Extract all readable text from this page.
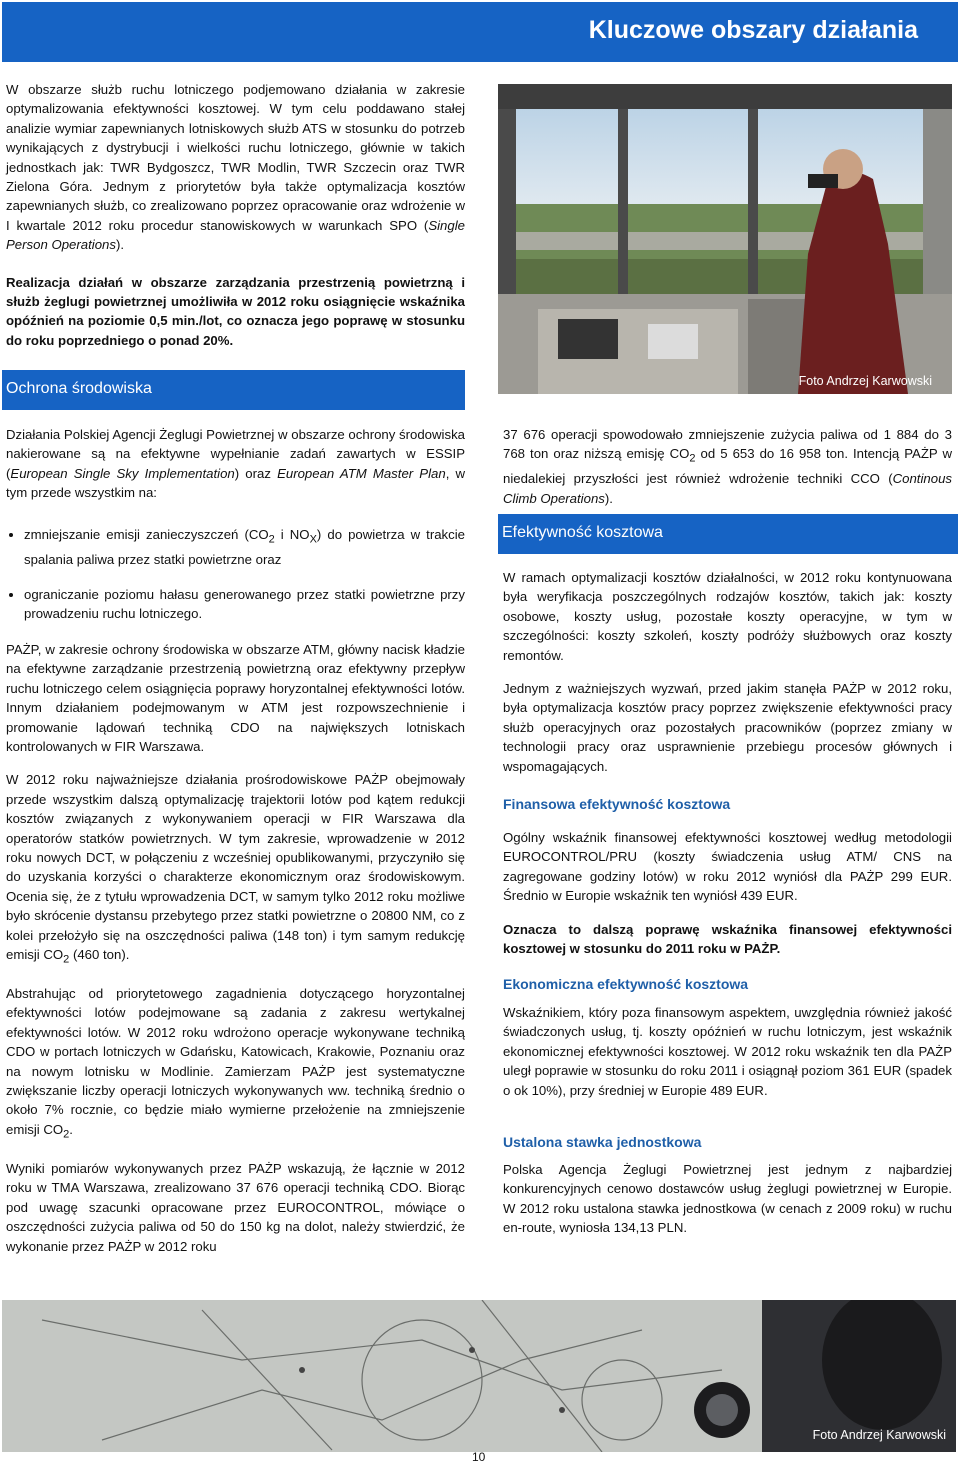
Kluczowe obszary działania

W obszarze służb ruchu lotniczego podjemowano działania w zakresie optymalizowania efektywności kosztowej. W tym celu poddawano stałej analizie wymiar zapewnianych lotniskowych służb ATS w stosunku do potrzeb wynikających z dystrybucji i wielkości ruchu lotniczego, głównie w takich jednostkach jak: TWR Bydgoszcz, TWR Modlin, TWR Szczecin oraz TWR Zielona Góra. Jednym z priorytetów była także optymalizacja kosztów zapewnianych służb, co zrealizowano poprzez opracowanie oraz wdrożenie w I kwartale 2012 roku procedur stanowiskowych w warunkach SPO (Single Person Operations).

Realizacja działań w obszarze zarządzania przestrzenią powietrzną i służb żeglugi powietrznej umożliwiła w 2012 roku osiągnięcie wskaźnika opóźnień na poziomie 0,5 min./lot, co oznacza jego poprawę w stosunku do roku poprzedniego o ponad 20%.

Ochrona środowiska

Działania Polskiej Agencji Żeglugi Powietrznej w obszarze ochrony środowiska nakierowane są na efektywne wypełnianie zadań zawartych w ESSIP (European Single Sky Implementation) oraz European ATM Master Plan, w tym przede wszystkim na:

• zmniejszanie emisji zanieczyszczeń ($CO_2$ i $NO_X$) do powietrza w trakcie spalania paliwa przez statki powietrzne oraz
• ograniczanie poziomu hałasu generowanego przez statki powietrzne przy prowadzeniu ruchu lotniczego.

PAŻP, w zakresie ochrony środowiska w obszarze ATM, główny nacisk kładzie na efektywne zarządzanie przestrzenią powietrzną oraz efektywny przepływ ruchu lotniczego celem osiągnięcia poprawy horyzontalnej efektywności lotów. Innym działaniem podejmowanym w ATM jest rozpowszechnienie i promowanie lądowań techniką CDO na największych lotniskach kontrolowanych w FIR Warszawa.

W 2012 roku najważniejsze działania prośrodowiskowe PAŻP obejmowały przede wszystkim dalszą optymalizację trajektorii lotów pod kątem redukcji kosztów związanych z wykonywaniem operacji w FIR Warszawa dla operatorów statków powietrznych. W tym zakresie, wprowadzenie w 2012 roku nowych DCT, w połączeniu z wcześniej opublikowanymi, przyczyniło się do uzyskania korzyści o charakterze ekonomicznym oraz środowiskowym. Ocenia się, że z tytułu wprowadzenia DCT, w samym tylko 2012 roku możliwe było skrócenie dystansu przebytego przez statki powietrzne o 20800 NM, co z kolei przełożyło się na oszczędności paliwa (148 ton) i tym samym redukcję emisji $CO_2$ (460 ton).

Abstrahując od priorytetowego zagadnienia dotyczącego horyzontalnej efektywności lotów podejmowane są zadania z zakresu wertykalnej efektywności lotów. W 2012 roku wdrożono operacje wykonywane techniką CDO w portach lotniczych w Gdańsku, Katowicach, Krakowie, Poznaniu oraz na nowym lotnisku w Modlinie. Zamierzam PAŻP jest systematyczne zwiększanie liczby operacji lotniczych wykonywanych ww. techniką średnio o około 7% rocznie, co będzie miało wymierne przełożenie na zmniejszenie emisji $CO_2$.

Wyniki pomiarów wykonywanych przez PAŻP wskazują, że łącznie w 2012 roku w TMA Warszawa, zrealizowano 37 676 operacji techniką CDO. Biorąc pod uwagę szacunki opracowane przez EUROCONTROL, mówiące o oszczędności zużycia paliwa od 50 do 150 kg na dolot, należy stwierdzić, że wykonanie przez PAŻP w 2012 roku

Foto Andrzej Karwowski

37 676 operacji spowodowało zmniejszenie zużycia paliwa od 1 884 do 3 768 ton oraz niższą emisję $CO_2$ od 5 653 do 16 958 ton. Intencją PAŻP w niedalekiej przyszłości jest również wdrożenie techniki CCO (Continous Climb Operations).

Efektywność kosztowa

W ramach optymalizacji kosztów działalności, w 2012 roku kontynuowana była weryfikacja poszczególnych rodzajów kosztów, takich jak: koszty osobowe, koszty usług, pozostałe koszty operacyjne, w tym w szczególności: koszty szkoleń, koszty podróży służbowych oraz koszty remontów.

Jednym z ważniejszych wyzwań, przed jakim stanęła PAŻP w 2012 roku, była optymalizacja kosztów pracy poprzez zwiększenie efektywności pracy służb operacyjnych oraz pozostałych pracowników (poprzez zmiany w technologii pracy oraz usprawnienie przebiegu procesów głównych i wspomagających.

Finansowa efektywność kosztowa

Ogólny wskaźnik finansowej efektywności kosztowej według metodologii EUROCONTROL/PRU (koszty świadczenia usług ATM/ CNS na zagregowane godziny lotów) w roku 2012 wyniósł dla PAŻP 299 EUR. Średnio w Europie wskaźnik ten wyniósł 439 EUR.

Oznacza to dalszą poprawę wskaźnika finansowej efektywności kosztowej w stosunku do 2011 roku w PAŻP.

Ekonomiczna efektywność kosztowa

Wskaźnikiem, który poza finansowym aspektem, uwzględnia również jakość świadczonych usług, tj. koszty opóźnień w ruchu lotniczym, jest wskaźnik ekonomicznej efektywności kosztowej. W 2012 roku wskaźnik ten dla PAŻP uległ poprawie w stosunku do roku 2011 i osiągnął poziom 361 EUR (spadek o ok 10%), przy średniej w Europie 489 EUR.

Ustalona stawka jednostkowa

Polska Agencja Żeglugi Powietrznej jest jednym z najbardziej konkurencyjnych cenowo dostawców usług żeglugi powietrznej w Europie. W 2012 roku ustalona stawka jednostkowa (w cenach z 2009 roku) w ruchu en-route, wyniosła 134,13 PLN.

Foto Andrzej Karwowski
10
